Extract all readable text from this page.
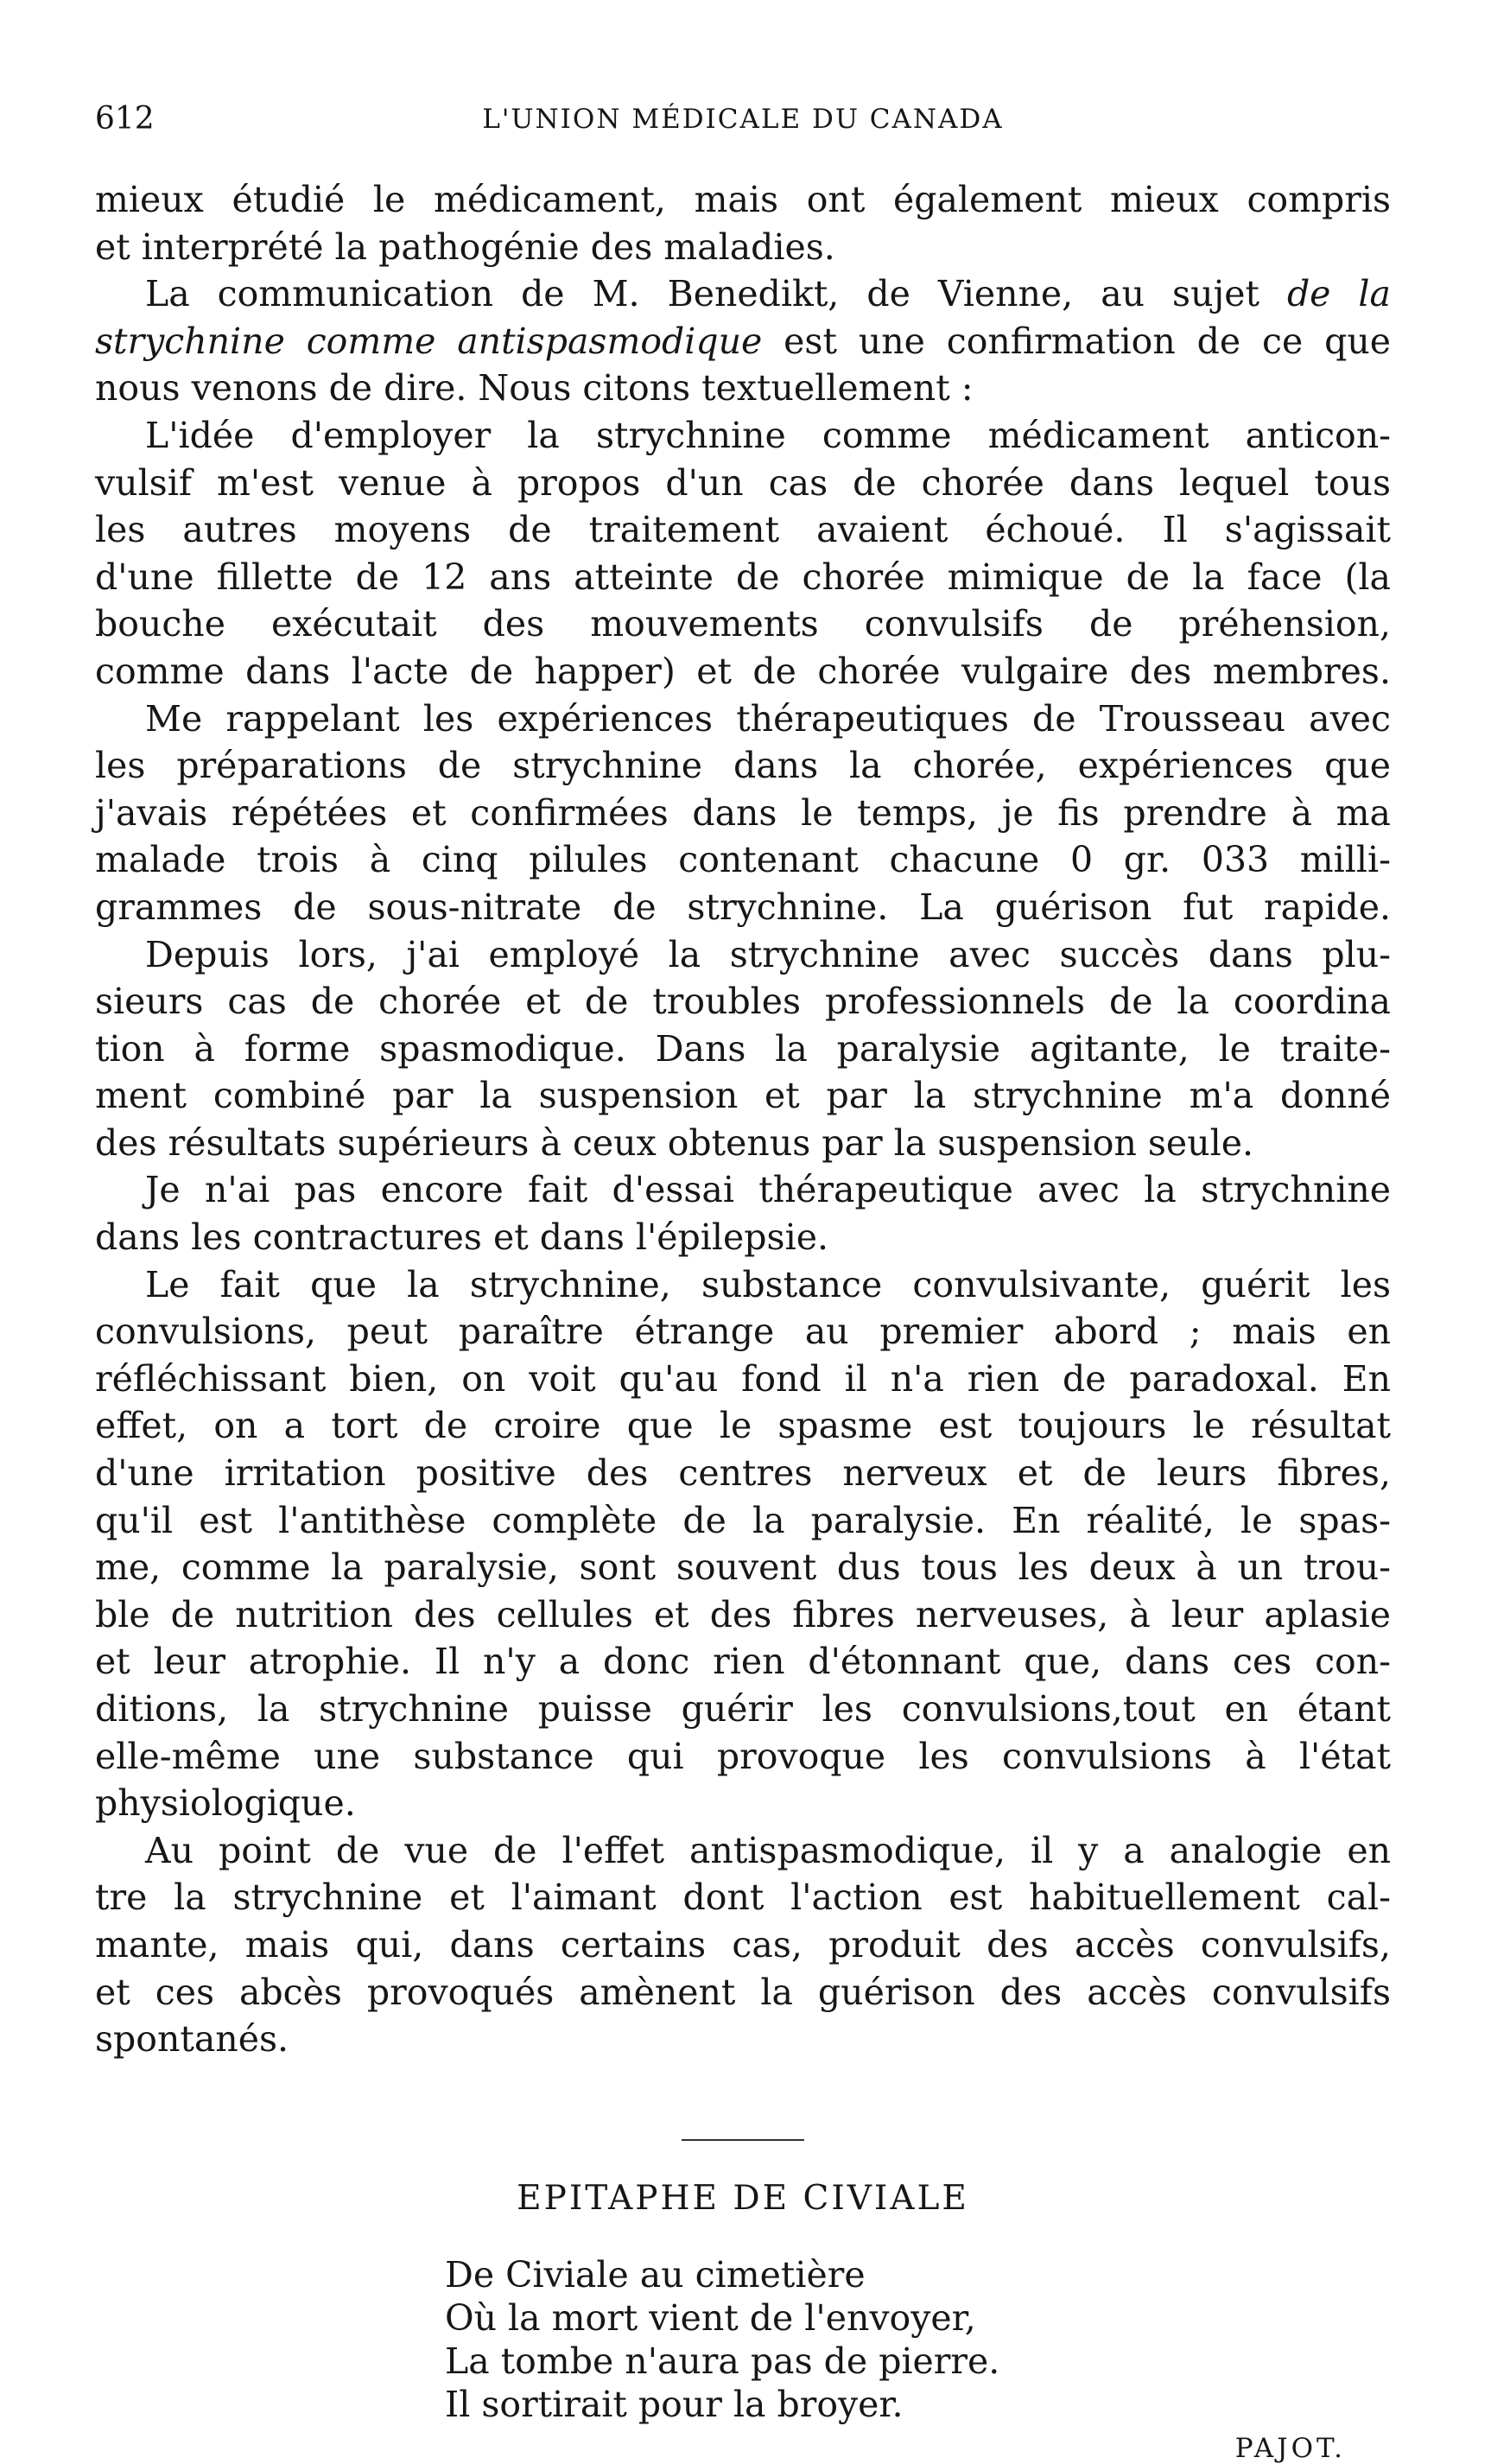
612	L'UNION MÉDICALE DU CANADA

mieux étudié le médicament, mais ont également mieux compris
et interprété la pathogénie des maladies.

La communication de M. Benedikt, de Vienne, au sujet de la
strychnine comme antispasmodique est une confirmation de ce que
nous venons de dire. Nous citons textuellement :

L'idée d'employer la strychnine comme médicament anticon-
vulsif m'est venue à propos d'un cas de chorée dans lequel tous
les autres moyens de traitement avaient échoué. Il s'agissait
d'une fillette de 12 ans atteinte de chorée mimique de la face (la
bouche exécutait des mouvements convulsifs de préhension,
comme dans l'acte de happer) et de chorée vulgaire des membres.

Me rappelant les expériences thérapeutiques de Trousseau avec
les préparations de strychnine dans la chorée, expériences que
j'avais répétées et confirmées dans le temps, je fis prendre à ma
malade trois à cinq pilules contenant chacune 0 gr. 033 milli-
grammes de sous-nitrate de strychnine. La guérison fut rapide.

Depuis lors, j'ai employé la strychnine avec succès dans plu-
sieurs cas de chorée et de troubles professionnels de la coordina
tion à forme spasmodique. Dans la paralysie agitante, le traite-
ment combiné par la suspension et par la strychnine m'a donné
des résultats supérieurs à ceux obtenus par la suspension seule.

Je n'ai pas encore fait d'essai thérapeutique avec la strychnine
dans les contractures et dans l'épilepsie.

Le fait que la strychnine, substance convulsivante, guérit les
convulsions, peut paraître étrange au premier abord ; mais en
réfléchissant bien, on voit qu'au fond il n'a rien de paradoxal. En
effet, on a tort de croire que le spasme est toujours le résultat
d'une irritation positive des centres nerveux et de leurs fibres,
qu'il est l'antithèse complète de la paralysie. En réalité, le spas-
me, comme la paralysie, sont souvent dus tous les deux à un trou-
ble de nutrition des cellules et des fibres nerveuses, à leur aplasie
et leur atrophie. Il n'y a donc rien d'étonnant que, dans ces con-
ditions, la strychnine puisse guérir les convulsions,tout en étant
elle-même une substance qui provoque les convulsions à l'état
physiologique.

Au point de vue de l'effet antispasmodique, il y a analogie en
tre la strychnine et l'aimant dont l'action est habituellement cal-
mante, mais qui, dans certains cas, produit des accès convulsifs,
et ces abcès provoqués amènent la guérison des accès convulsifs
spontanés.

EPITAPHE DE CIVIALE
De Civiale au cimetière
Où la mort vient de l'envoyer,
La tombe n'aura pas de pierre.
Il sortirait pour la broyer.
PAJOT.
